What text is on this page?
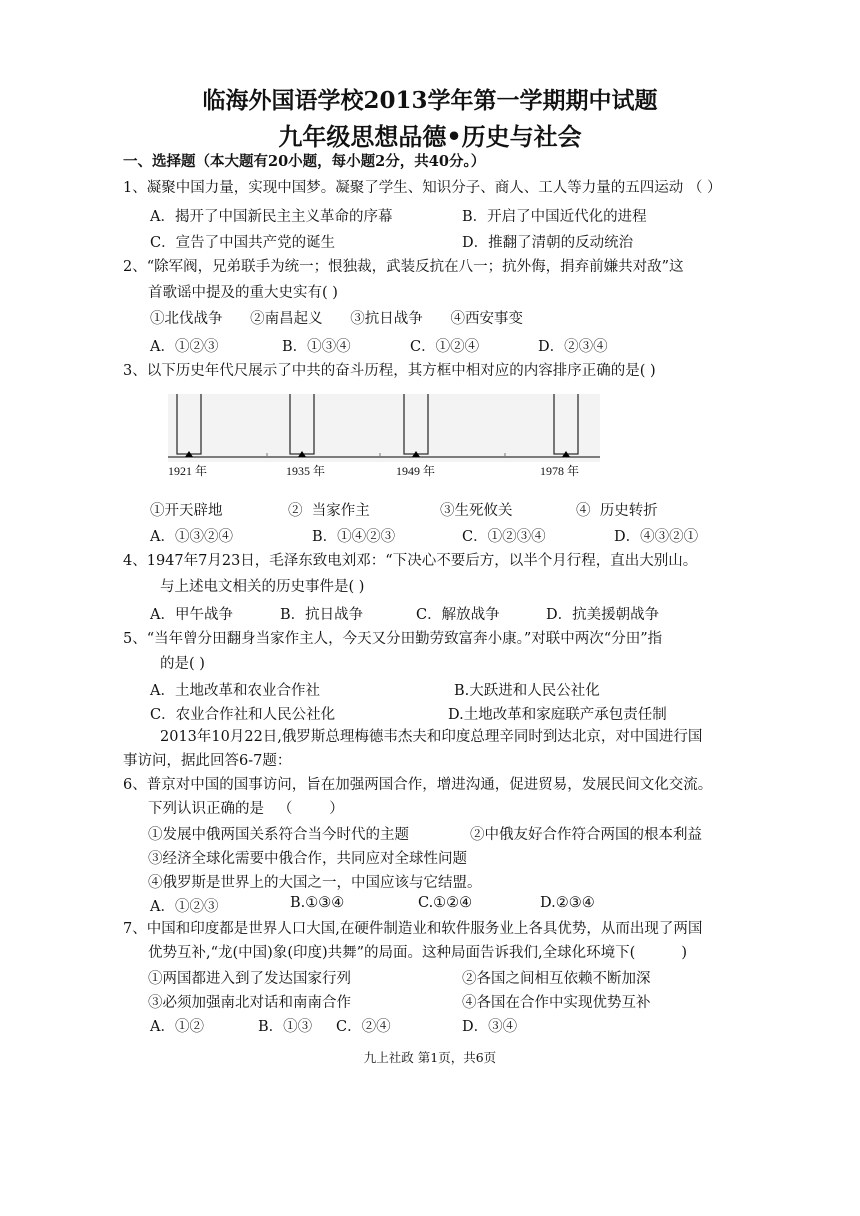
临海外国语学校2013学年第一学期期中试题
九年级思想品德•历史与社会
一、选择题（本大题有20小题，每小题2分，共40分。）
1、凝聚中国力量，实现中国梦。凝聚了学生、知识分子、商人、工人等力量的五四运动 （ ）
A．揭开了中国新民主主义革命的序幕	B．开启了中国近代化的进程
C．宣告了中国共产党的诞生	D．推翻了清朝的反动统治
2、“除军阀，兄弟联手为统一；恨独裁，武装反抗在八一；抗外侮，捐弃前嫌共对敌”这
首歌谣中提及的重大史实有( )
①北伐战争      ②南昌起义      ③抗日战争      ④西安事变
A．①②③	B．①③④	C．①②④	D．②③④
3、以下历史年代尺展示了中共的奋斗历程，其方框中相对应的内容排序正确的是( )
1921 年	1935 年	1949 年	1978 年
①开天辟地	②  当家作主	③生死攸关	④  历史转折
A．①③②④	B．①④②③	C．①②③④	D．④③②①
4、1947年7月23日，毛泽东致电刘邓：“下决心不要后方，以半个月行程，直出大别山。
与上述电文相关的历史事件是( )
A．甲午战争	B．抗日战争	C．解放战争	D．抗美援朝战争
5、“当年曾分田翻身当家作主人，今天又分田勤劳致富奔小康。”对联中两次“分田”指
的是( )
A．土地改革和农业合作社	B.大跃进和人民公社化
C．农业合作社和人民公社化	D.土地改革和家庭联产承包责任制
2013年10月22日,俄罗斯总理梅德韦杰夫和印度总理辛同时到达北京，对中国进行国
事访问，据此回答6-7题：
6、普京对中国的国事访问，旨在加强两国合作，增进沟通，促进贸易，发展民间文化交流。
下列认识正确的是   （        ）
①发展中俄两国关系符合当今时代的主题	②中俄友好合作符合两国的根本利益
③经济全球化需要中俄合作，共同应对全球性问题
④俄罗斯是世界上的大国之一，中国应该与它结盟。
A．①②③	B.①③④	C.①②④	D.②③④
7、中国和印度都是世界人口大国,在硬件制造业和软件服务业上各具优势，从而出现了两国
优势互补,“龙(中国)象(印度)共舞”的局面。这种局面告诉我们,全球化环境下(          )
①两国都进入到了发达国家行列	②各国之间相互依赖不断加深
③必须加强南北对话和南南合作	④各国在合作中实现优势互补
A．①②	B．①③ C．②④	D．③④
九上社政 第1页，共6页
